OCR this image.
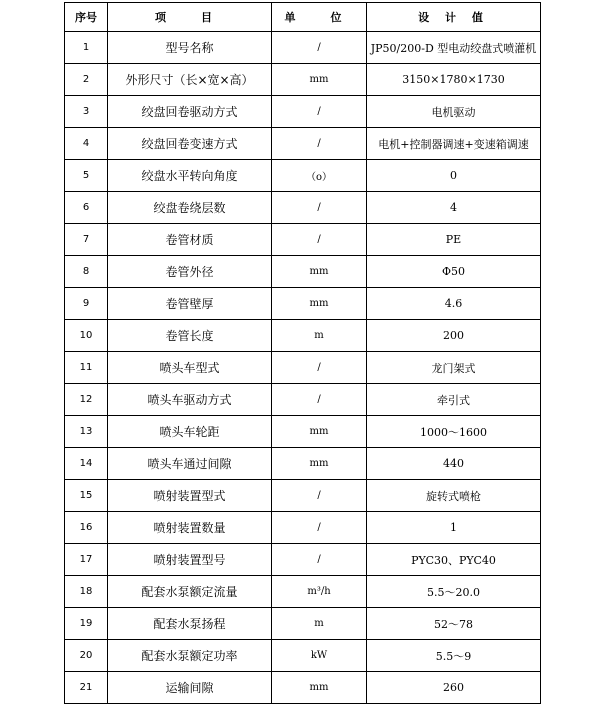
序号	项　目	单　位	设 计 值
1	型号名称	/	JP50/200-D 型电动绞盘式喷灌机
2	外形尺寸（长×宽×高）	mm	3150×1780×1730
3	绞盘回卷驱动方式	/	电机驱动
4	绞盘回卷变速方式	/	电机+控制器调速+变速箱调速
5	绞盘水平转向角度	（o）	0
6	绞盘卷绕层数	/	4
7	卷管材质	/	PE
8	卷管外径	mm	Φ50
9	卷管壁厚	mm	4.6
10	卷管长度	m	200
11	喷头车型式	/	龙门架式
12	喷头车驱动方式	/	牵引式
13	喷头车轮距	mm	1000～1600
14	喷头车通过间隙	mm	440
15	喷射装置型式	/	旋转式喷枪
16	喷射装置数量	/	1
17	喷射装置型号	/	PYC30、PYC40
18	配套水泵额定流量	m³/h	5.5～20.0
19	配套水泵扬程	m	52～78
20	配套水泵额定功率	kW	5.5～9
21	运输间隙	mm	260
